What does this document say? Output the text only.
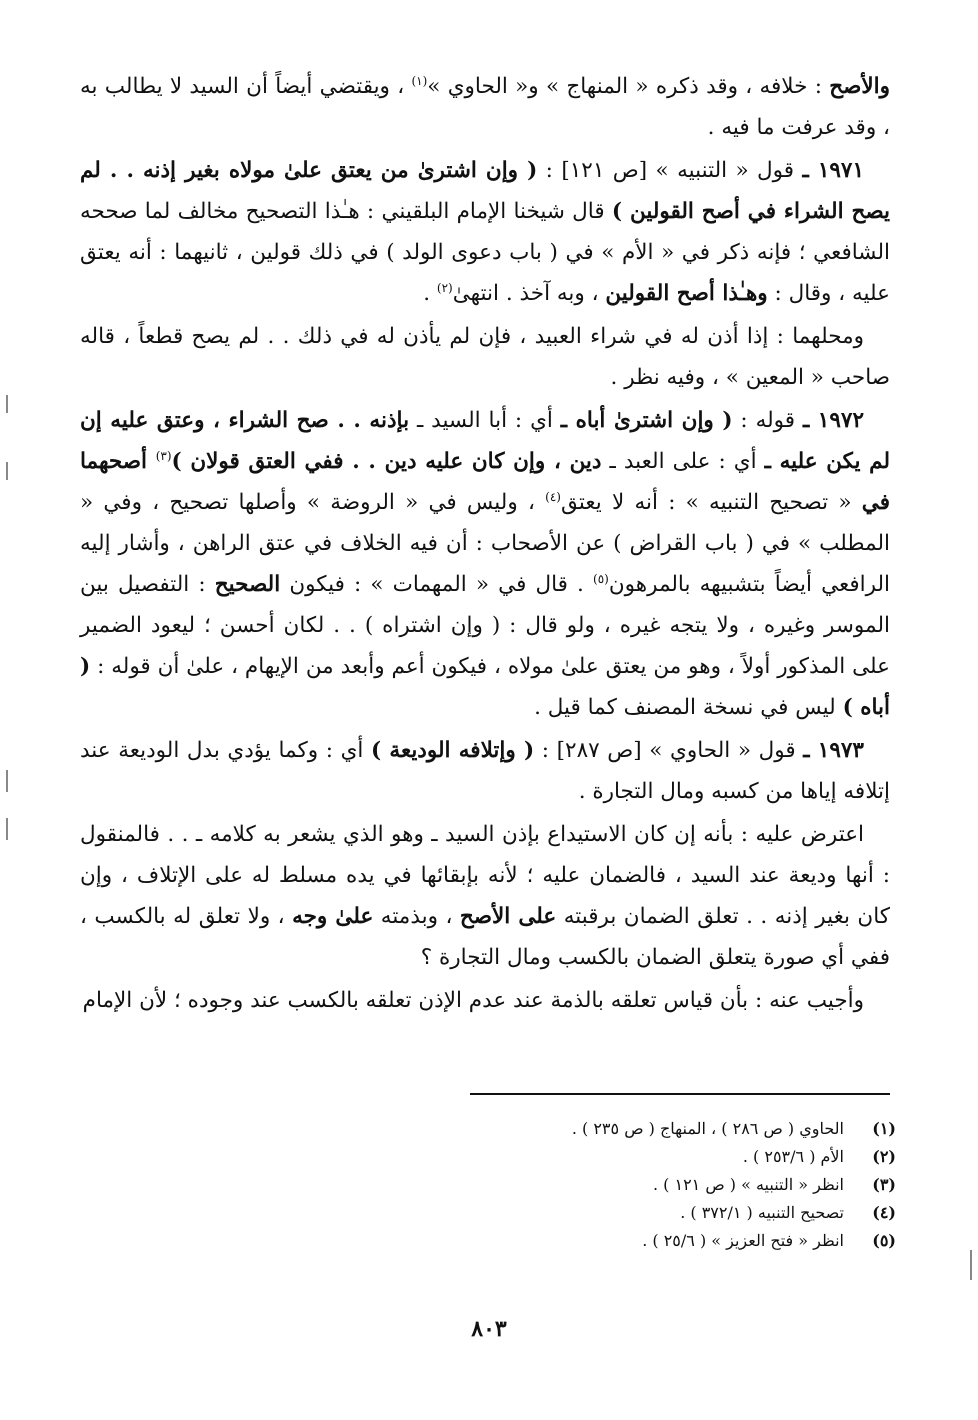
والأصح : خلافه ، وقد ذكره « المنهاج » و« الحاوي »$^{(١)}$ ، ويقتضي أيضاً أن السيد لا يطالب به ، وقد عرفت ما فيه .

١٩٧١ ـ قول « التنبيه » [ص ١٢١] : ( وإن اشترىٰ من يعتق علىٰ مولاه بغير إذنه . . لم يصح الشراء في أصح القولين ) قال شيخنا الإمام البلقيني : هـٰذا التصحيح مخالف لما صححه الشافعي ؛ فإنه ذكر في « الأم » في ( باب دعوى الولد ) في ذلك قولين ، ثانيهما : أنه يعتق عليه ، وقال : وهـٰذا أصح القولين ، وبه آخذ . انتهىٰ$^{(٢)}$ .

ومحلهما : إذا أذن له في شراء العبيد ، فإن لم يأذن له في ذلك . . لم يصح قطعاً ، قاله صاحب « المعين » ، وفيه نظر .

١٩٧٢ ـ قوله : ( وإن اشترىٰ أباه ـ أي : أبا السيد ـ بإذنه . . صح الشراء ، وعتق عليه إن لم يكن عليه ـ أي : على العبد ـ دين ، وإن كان عليه دين . . ففي العتق قولان )$^{(٣)}$ أصحهما في « تصحيح التنبيه » : أنه لا يعتق$^{(٤)}$ ، وليس في « الروضة » وأصلها تصحيح ، وفي « المطلب » في ( باب القراض ) عن الأصحاب : أن فيه الخلاف في عتق الراهن ، وأشار إليه الرافعي أيضاً بتشبيهه بالمرهون$^{(٥)}$ . قال في « المهمات » : فيكون الصحيح : التفصيل بين الموسر وغيره ، ولا يتجه غيره ، ولو قال : ( وإن اشتراه ) . . لكان أحسن ؛ ليعود الضمير على المذكور أولاً ، وهو من يعتق علىٰ مولاه ، فيكون أعم وأبعد من الإيهام ، علىٰ أن قوله : ( أباه ) ليس في نسخة المصنف كما قيل .

١٩٧٣ ـ قول « الحاوي » [ص ٢٨٧] : ( وإتلافه الوديعة ) أي : وكما يؤدي بدل الوديعة عند إتلافه إياها من كسبه ومال التجارة .

اعترض عليه : بأنه إن كان الاستيداع بإذن السيد ـ وهو الذي يشعر به كلامه ـ . . فالمنقول : أنها وديعة عند السيد ، فالضمان عليه ؛ لأنه بإبقائها في يده مسلط له على الإتلاف ، وإن كان بغير إذنه . . تعلق الضمان برقبته على الأصح ، وبذمته علىٰ وجه ، ولا تعلق له بالكسب ، ففي أي صورة يتعلق الضمان بالكسب ومال التجارة ؟

وأجيب عنه : بأن قياس تعلقه بالذمة عند عدم الإذن تعلقه بالكسب عند وجوده ؛ لأن الإمام

(١)
الحاوي ( ص ٢٨٦ ) ، المنهاج ( ص ٢٣٥ ) .
(٢)
الأم ( ٢٥٣/٦ ) .
(٣)
انظر « التنبيه » ( ص ١٢١ ) .
(٤)
تصحيح التنبيه ( ٣٧٢/١ ) .
(٥)
انظر « فتح العزيز » ( ٢٥/٦ ) .
٨٠٣
